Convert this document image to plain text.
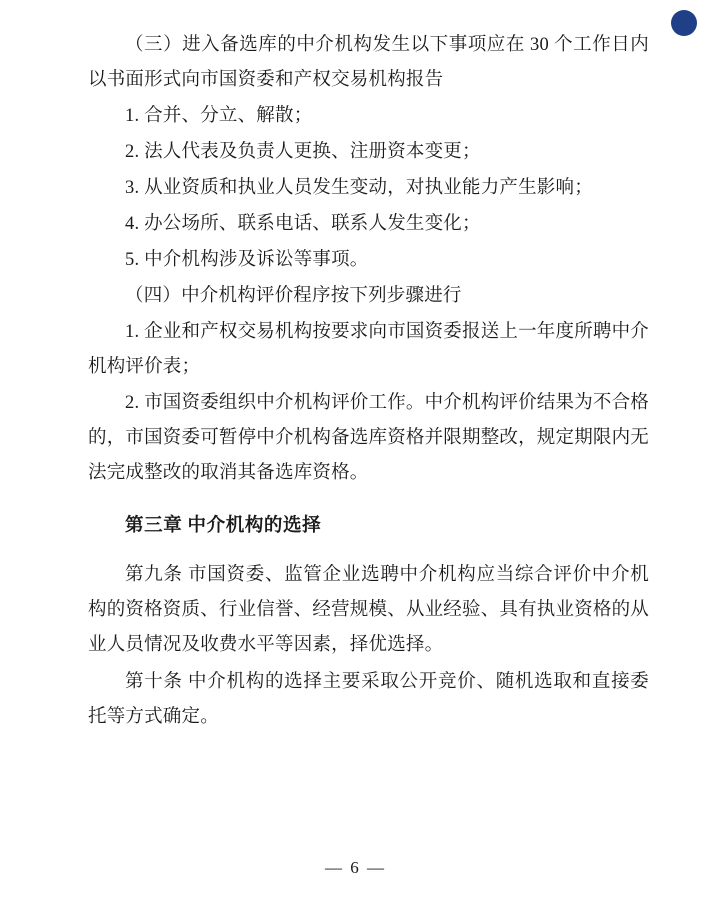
（三）进入备选库的中介机构发生以下事项应在 30 个工作日内以书面形式向市国资委和产权交易机构报告

1. 合并、分立、解散；

2. 法人代表及负责人更换、注册资本变更；

3. 从业资质和执业人员发生变动，对执业能力产生影响；

4. 办公场所、联系电话、联系人发生变化；

5. 中介机构涉及诉讼等事项。

（四）中介机构评价程序按下列步骤进行

1. 企业和产权交易机构按要求向市国资委报送上一年度所聘中介机构评价表；

2. 市国资委组织中介机构评价工作。中介机构评价结果为不合格的，市国资委可暂停中介机构备选库资格并限期整改，规定期限内无法完成整改的取消其备选库资格。

第三章 中介机构的选择

第九条 市国资委、监管企业选聘中介机构应当综合评价中介机构的资格资质、行业信誉、经营规模、从业经验、具有执业资格的从业人员情况及收费水平等因素，择优选择。

第十条 中介机构的选择主要采取公开竞价、随机选取和直接委托等方式确定。

— 6 —
